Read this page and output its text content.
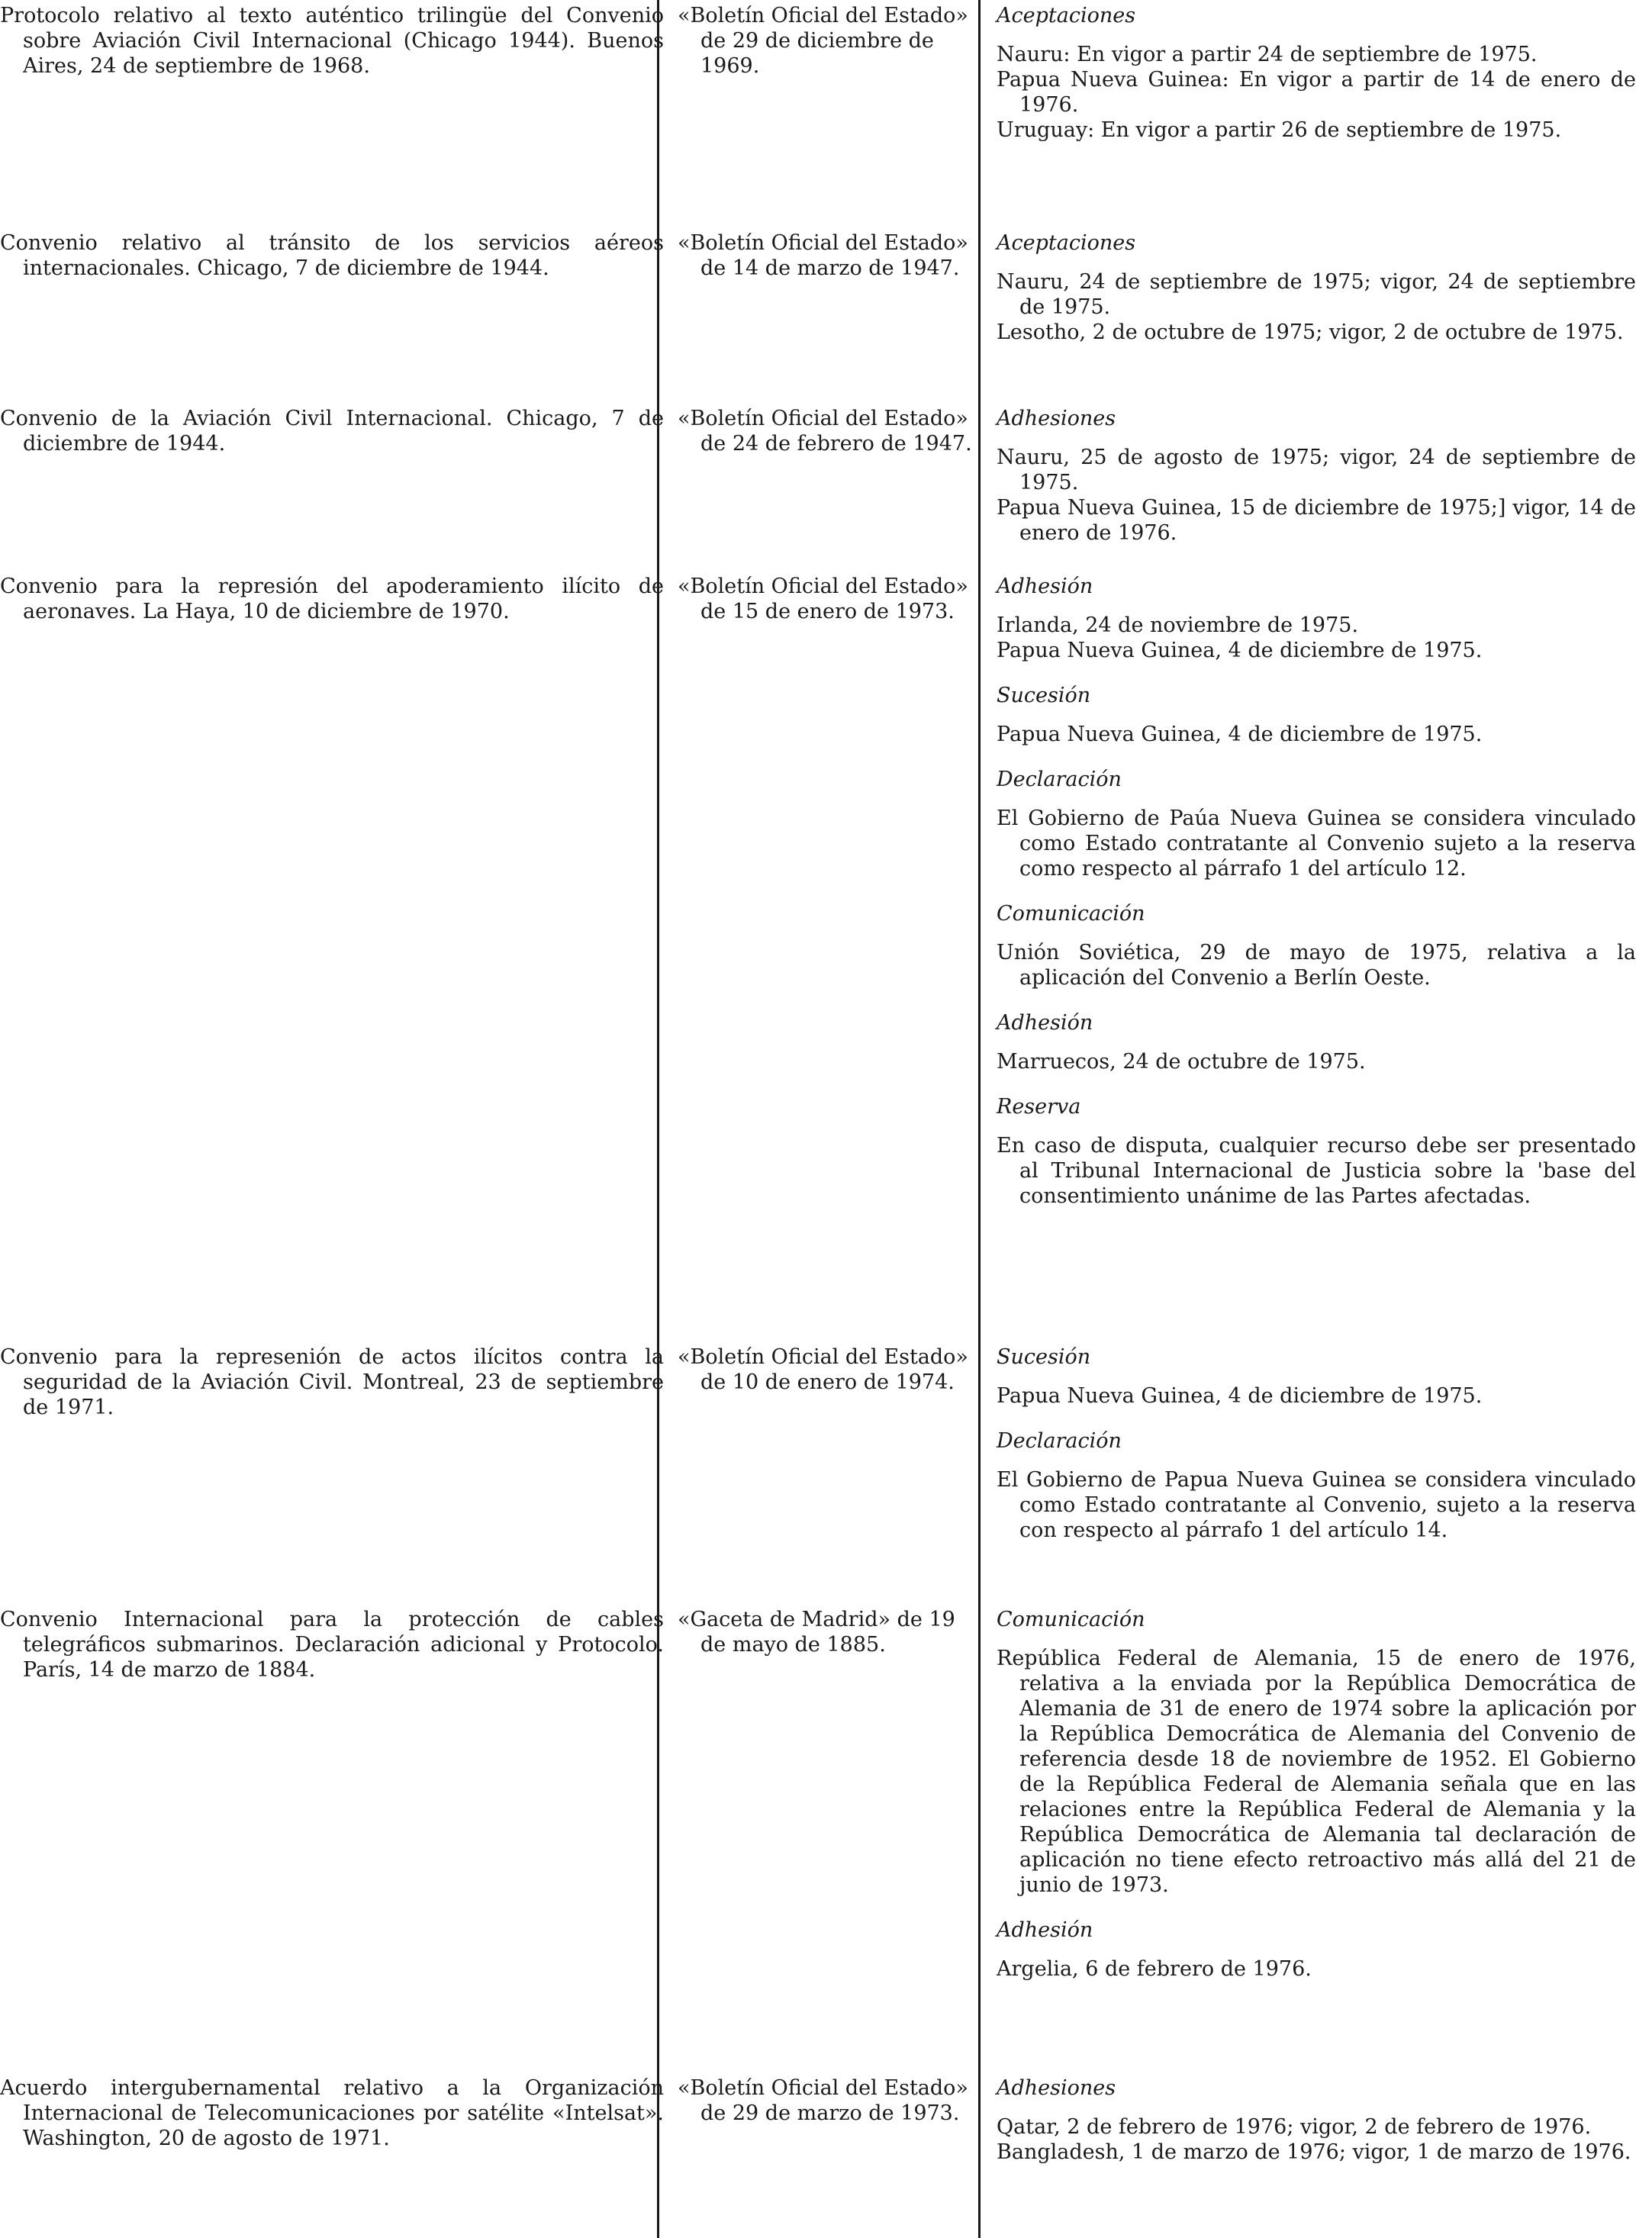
Protocolo relativo al texto auténtico trilingüe del Convenio sobre Aviación Civil Internacional (Chicago 1944). Buenos Aires, 24 de septiembre de 1968.
«Boletín Oficial del Estado» de 29 de diciembre de 1969.

Aceptaciones

Nauru: En vigor a partir 24 de septiembre de 1975.

Papua Nueva Guinea: En vigor a partir de 14 de enero de 1976.

Uruguay: En vigor a partir 26 de septiembre de 1975.

Convenio relativo al tránsito de los servicios aéreos internacionales. Chicago, 7 de diciembre de 1944.
«Boletín Oficial del Estado» de 14 de marzo de 1947.

Aceptaciones

Nauru, 24 de septiembre de 1975; vigor, 24 de septiembre de 1975.

Lesotho, 2 de octubre de 1975; vigor, 2 de octubre de 1975.

Convenio de la Aviación Civil Internacional. Chicago, 7 de diciembre de 1944.
«Boletín Oficial del Estado» de 24 de febrero de 1947.

Adhesiones

Nauru, 25 de agosto de 1975; vigor, 24 de septiembre de 1975.

Papua Nueva Guinea, 15 de diciembre de 1975;] vigor, 14 de enero de 1976.

Convenio para la represión del apoderamiento ilícito de aeronaves. La Haya, 10 de diciembre de 1970.
«Boletín Oficial del Estado» de 15 de enero de 1973.

Adhesión

Irlanda, 24 de noviembre de 1975.

Papua Nueva Guinea, 4 de diciembre de 1975.

Sucesión

Papua Nueva Guinea, 4 de diciembre de 1975.

Declaración

El Gobierno de Paúa Nueva Guinea se considera vinculado como Estado contratante al Convenio sujeto a la reserva como respecto al párrafo 1 del artículo 12.

Comunicación

Unión Soviética, 29 de mayo de 1975, relativa a la aplicación del Convenio a Berlín Oeste.

Adhesión

Marruecos, 24 de octubre de 1975.

Reserva

En caso de disputa, cualquier recurso debe ser presentado al Tribunal Internacional de Justicia sobre la 'base del consentimiento unánime de las Partes afectadas.

Convenio para la represenión de actos ilícitos contra la seguridad de la Aviación Civil. Montreal, 23 de septiembre de 1971.
«Boletín Oficial del Estado» de 10 de enero de 1974.

Sucesión

Papua Nueva Guinea, 4 de diciembre de 1975.

Declaración

El Gobierno de Papua Nueva Guinea se considera vinculado como Estado contratante al Convenio, sujeto a la reserva con respecto al párrafo 1 del artículo 14.

Convenio Internacional para la protección de cables telegráficos submarinos. Declaración adicional y Protocolo. París, 14 de marzo de 1884.
«Gaceta de Madrid» de 19 de mayo de 1885.

Comunicación

República Federal de Alemania, 15 de enero de 1976, relativa a la enviada por la República Democrática de Alemania de 31 de enero de 1974 sobre la aplicación por la República Democrática de Alemania del Convenio de referencia desde 18 de noviembre de 1952. El Gobierno de la República Federal de Alemania señala que en las relaciones entre la República Federal de Alemania y la República Democrática de Alemania tal declaración de aplicación no tiene efecto retroactivo más allá del 21 de junio de 1973.

Adhesión

Argelia, 6 de febrero de 1976.

Acuerdo intergubernamental relativo a la Organización Internacional de Telecomunicaciones por satélite «Intelsat». Washington, 20 de agosto de 1971.
«Boletín Oficial del Estado» de 29 de marzo de 1973.

Adhesiones

Qatar, 2 de febrero de 1976; vigor, 2 de febrero de 1976.

Bangladesh, 1 de marzo de 1976; vigor, 1 de marzo de 1976.
